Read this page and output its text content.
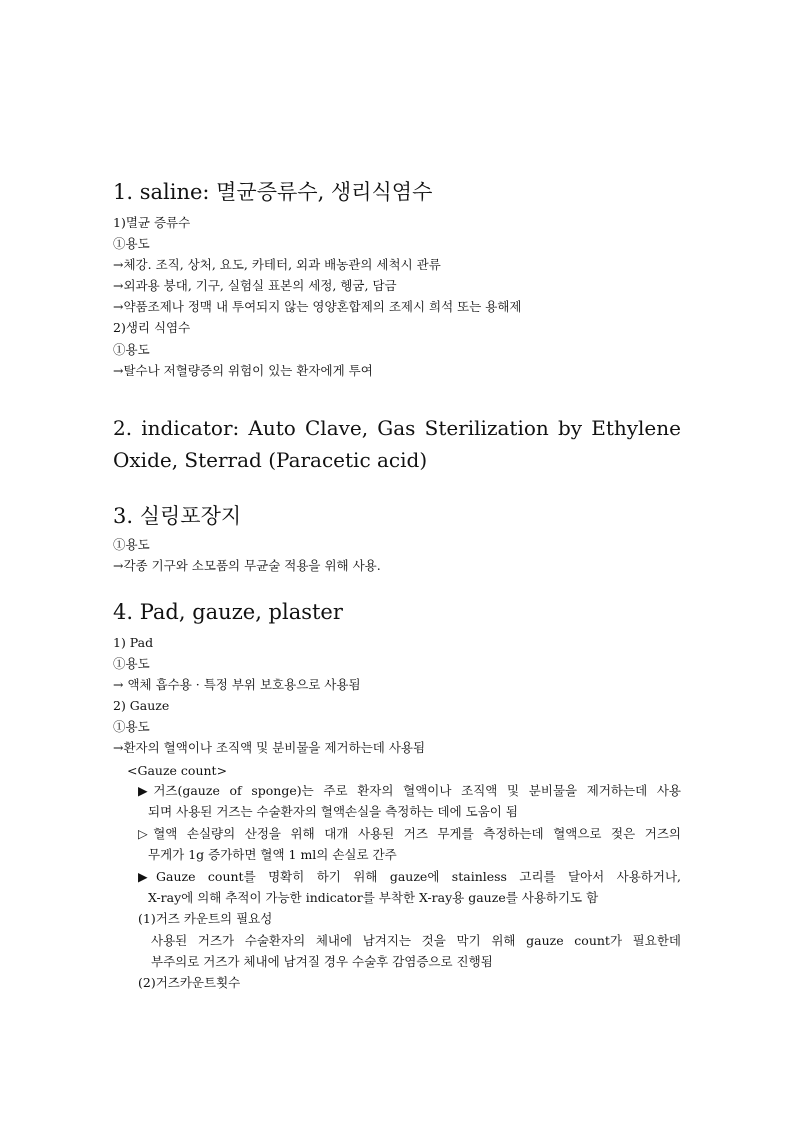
1. saline: 멸균증류수, 생리식염수
1)멸균 증류수
①용도
→체강. 조직, 상처, 요도, 카테터, 외과 배농관의 세척시 관류
→외과용 붕대, 기구, 실험실 표본의 세정, 헹굼, 담금
→약품조제나 정맥 내 투여되지 않는 영양혼합제의 조제시 희석 또는 용해제
2)생리 식염수
①용도
→탈수나 저혈량증의 위험이 있는 환자에게 투여
2. indicator: Auto Clave, Gas Sterilization by Ethylene
Oxide, Sterrad (Paracetic acid)
3. 실링포장지
①용도
→각종 기구와 소모품의 무균술 적용을 위해 사용.
4. Pad, gauze, plaster
1) Pad
①용도
→ 액체 흡수용 · 특정 부위 보호용으로 사용됨
2) Gauze
①용도
→환자의 혈액이나 조직액 및 분비물을 제거하는데 사용됨
<Gauze count>
▶거즈(gauze of sponge)는 주로 환자의 혈액이나 조직액 및 분비물을 제거하는데 사용
되며 사용된 거즈는 수술환자의 혈액손실을 측정하는 데에 도움이 됨
▷혈액 손실량의 산정을 위해 대개 사용된 거즈 무게를 측정하는데 혈액으로 젖은 거즈의
무게가 1g 증가하면 혈액 1 ml의 손실로 간주
▶Gauze count를 명확히 하기 위해 gauze에 stainless 고리를 달아서 사용하거나,
X-ray에 의해 추적이 가능한 indicator를 부착한 X-ray용 gauze를 사용하기도 함
(1)거즈 카운트의 필요성
사용된 거즈가 수술환자의 체내에 남겨지는 것을 막기 위해 gauze count가 필요한데
부주의로 거즈가 체내에 남겨질 경우 수술후 감염증으로 진행됨
(2)거즈카운트횟수
